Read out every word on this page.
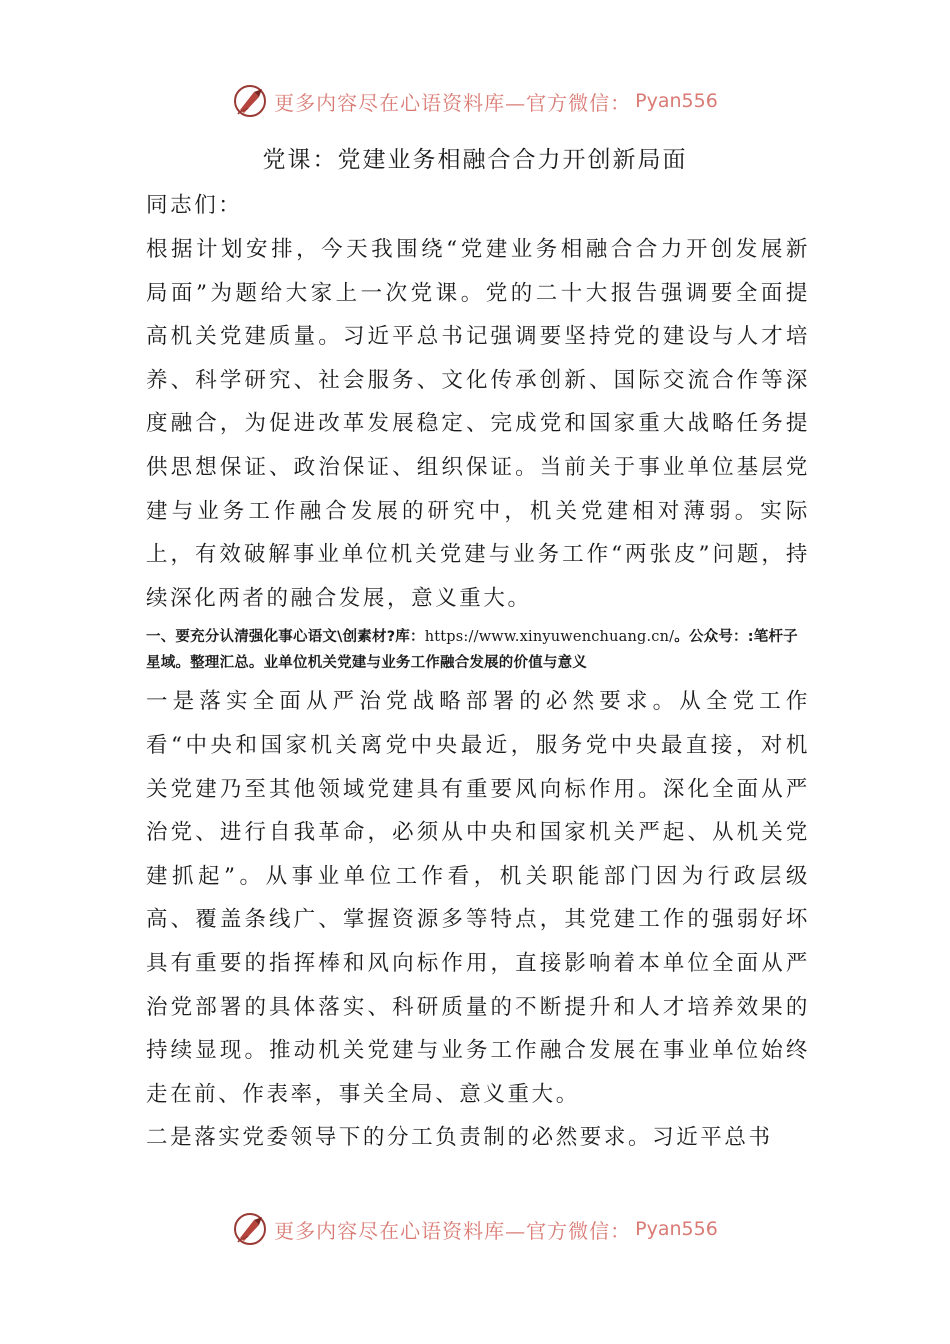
更多内容尽在心语资料库—官方微信： Pyan556
党课：党建业务相融合合力开创新局面

同志们：

根据计划安排，今天我围绕“党建业务相融合合力开创发展新局面”为题给大家上一次党课。党的二十大报告强调要全面提高机关党建质量。习近平总书记强调要坚持党的建设与人才培养、科学研究、社会服务、文化传承创新、国际交流合作等深度融合，为促进改革发展稳定、完成党和国家重大战略任务提供思想保证、政治保证、组织保证。当前关于事业单位基层党建与业务工作融合发展的研究中，机关党建相对薄弱。实际上，有效破解事业单位机关党建与业务工作“两张皮”问题，持续深化两者的融合发展，意义重大。

一、要充分认清强化事心语文\创素材?库：https://www.xinyuwenchuang.cn/。公众号：:笔杆子星域。整理汇总。业单位机关党建与业务工作融合发展的价值与意义

一是落实全面从严治党战略部署的必然要求。从全党工作看“中央和国家机关离党中央最近，服务党中央最直接，对机关党建乃至其他领域党建具有重要风向标作用。深化全面从严治党、进行自我革命，必须从中央和国家机关严起、从机关党建抓起”。从事业单位工作看，机关职能部门因为行政层级高、覆盖条线广、掌握资源多等特点，其党建工作的强弱好坏具有重要的指挥棒和风向标作用，直接影响着本单位全面从严治党部署的具体落实、科研质量的不断提升和人才培养效果的持续显现。推动机关党建与业务工作融合发展在事业单位始终走在前、作表率，事关全局、意义重大。

二是落实党委领导下的分工负责制的必然要求。习近平总书

更多内容尽在心语资料库—官方微信： Pyan556
